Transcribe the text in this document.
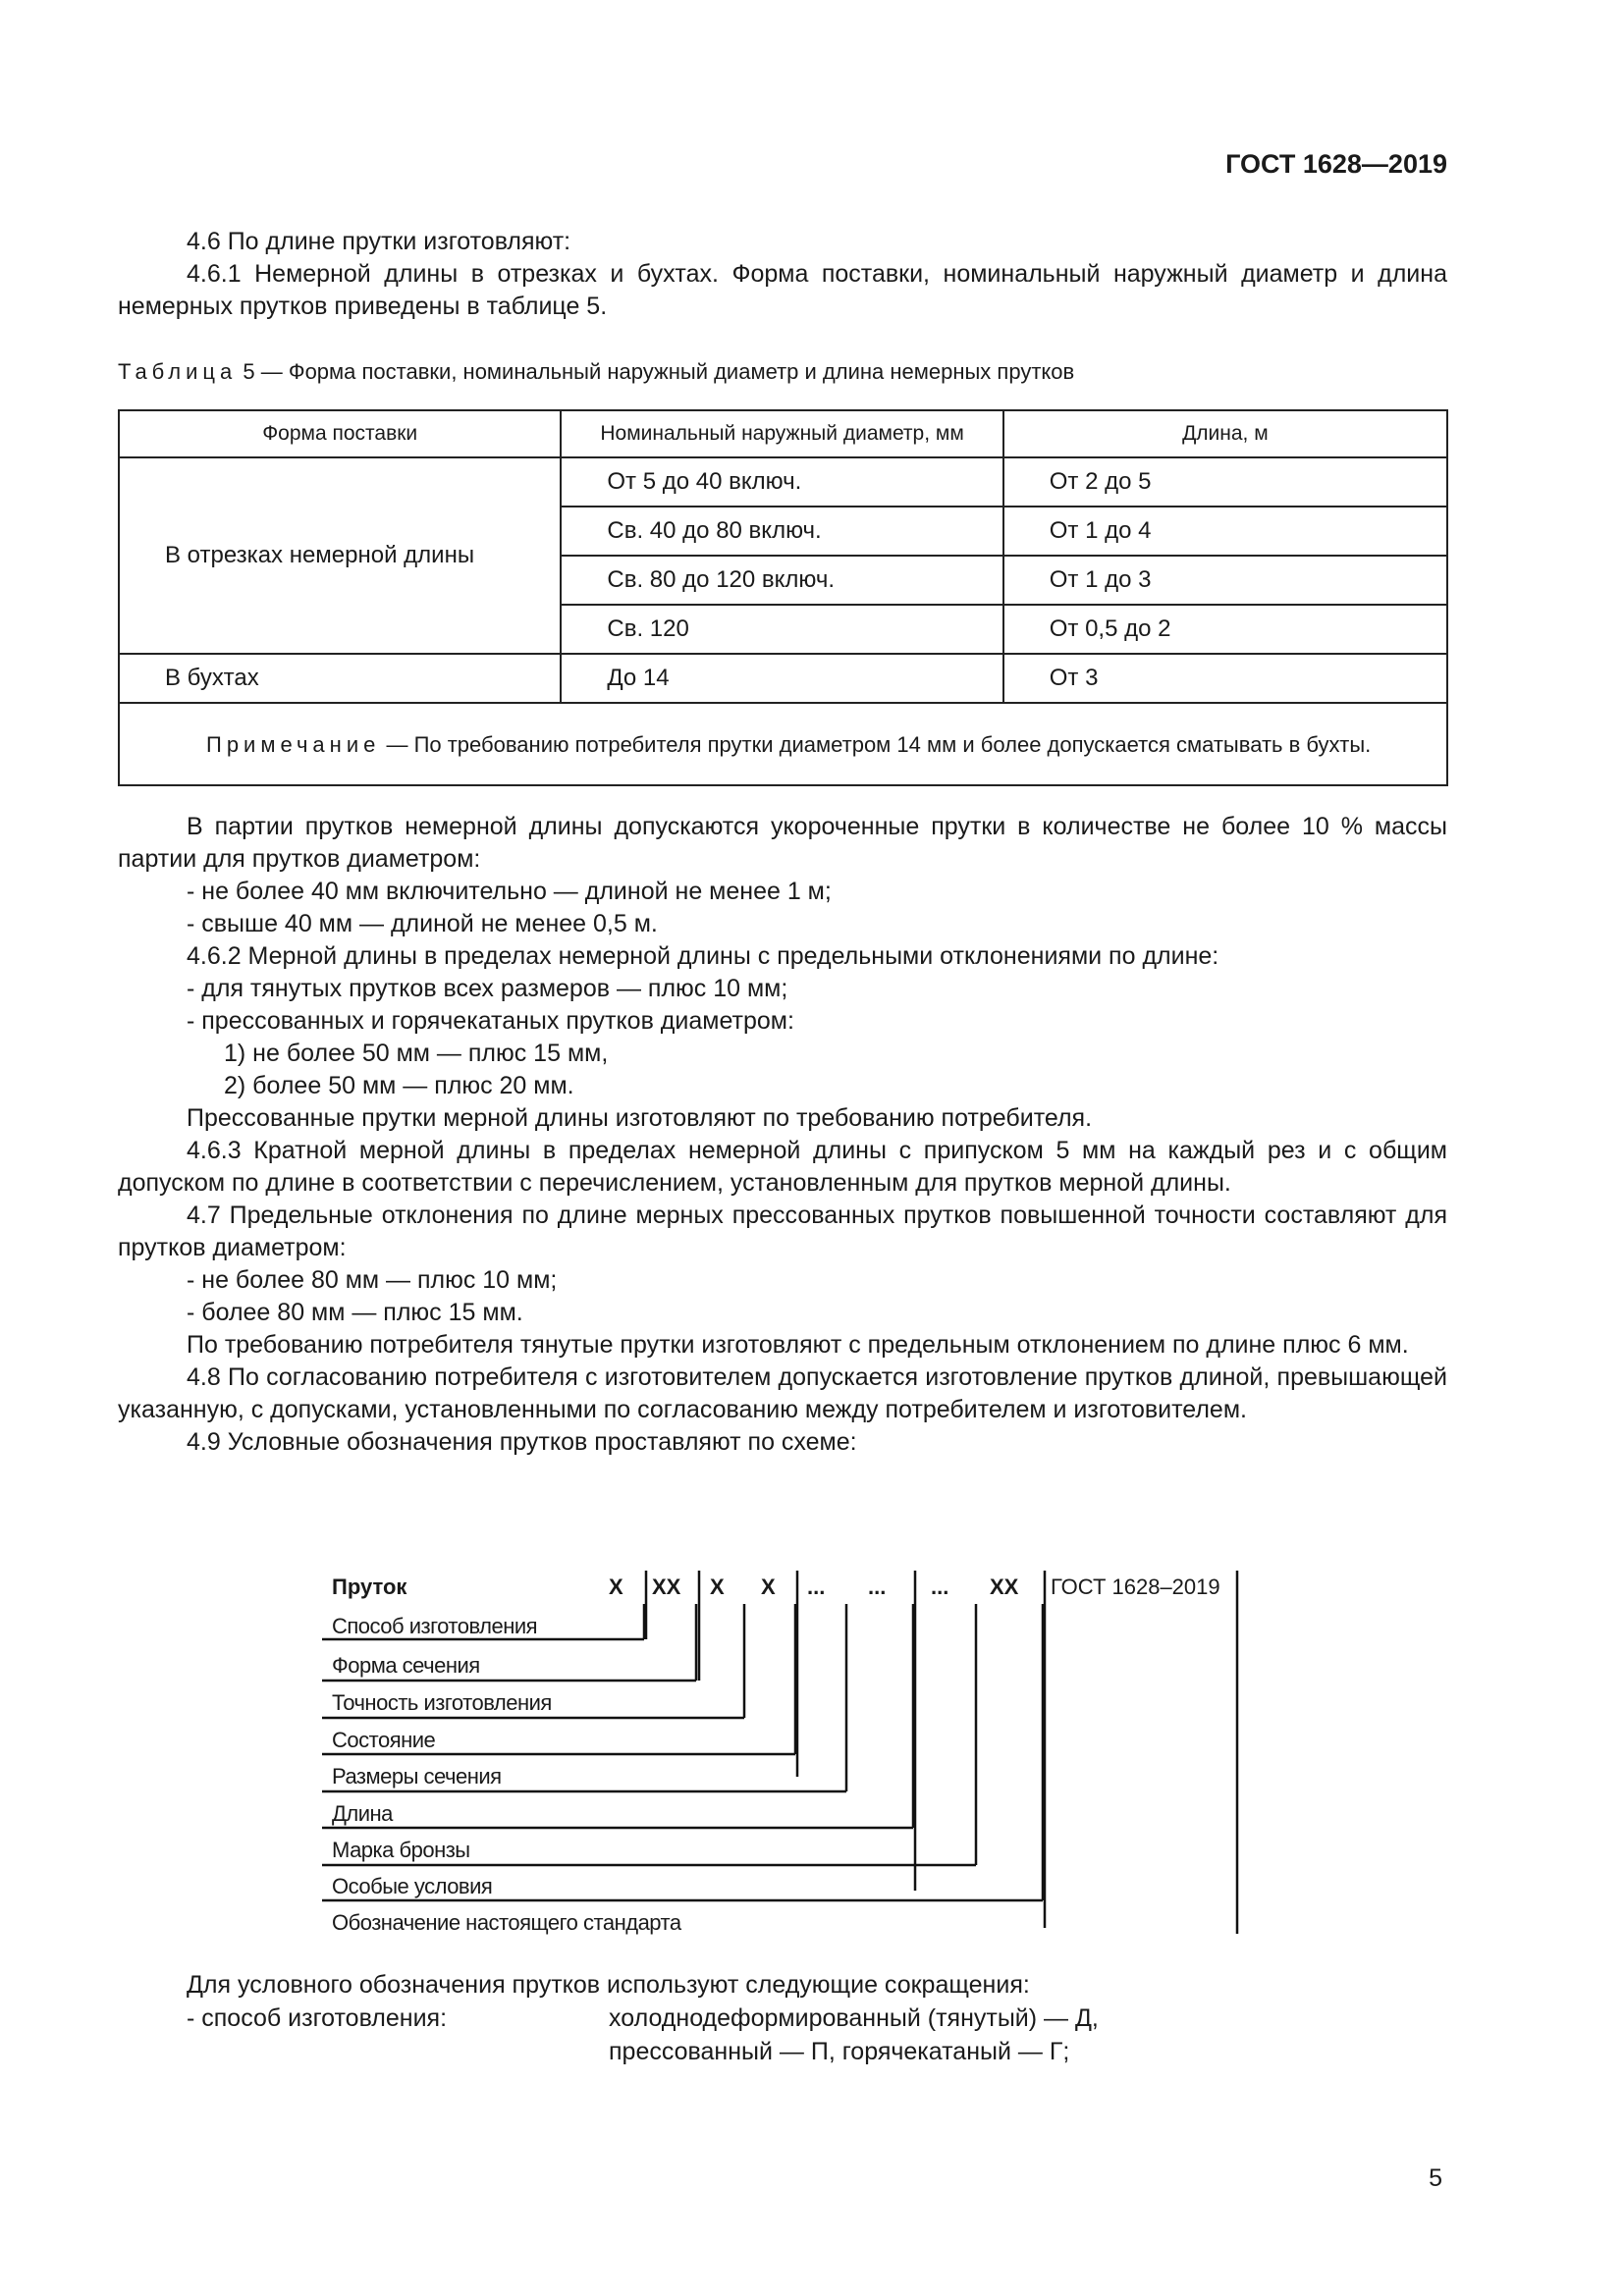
ГОСТ 1628—2019

4.6 По длине прутки изготовляют:

4.6.1 Немерной длины в отрезках и бухтах. Форма поставки, номинальный наружный диаметр и длина немерных прутков приведены в таблице 5.

Таблица 5 — Форма поставки, номинальный наружный диаметр и длина немерных прутков
Форма поставки	Номинальный наружный диаметр, мм	Длина, м
В отрезках немерной длины	От 5 до 40 включ.	От 2 до 5
	Св. 40 до 80 включ.	От 1 до 4
	Св. 80 до 120 включ.	От 1 до 3
	Св. 120	От 0,5 до 2
В бухтах	До 14	От 3
Примечание — По требованию потребителя прутки диаметром 14 мм и более допускается сматывать в бухты.		

В партии прутков немерной длины допускаются укороченные прутки в количестве не более 10 % массы партии для прутков диаметром:

- не более 40 мм включительно — длиной не менее 1 м;

- свыше 40 мм — длиной не менее 0,5 м.

4.6.2 Мерной длины в пределах немерной длины с предельными отклонениями по длине:

- для тянутых прутков всех размеров — плюс 10 мм;

- прессованных и горячекатаных прутков диаметром:

1) не более 50 мм — плюс 15 мм,

2) более 50 мм — плюс 20 мм.

Прессованные прутки мерной длины изготовляют по требованию потребителя.

4.6.3 Кратной мерной длины в пределах немерной длины с припуском 5 мм на каждый рез и с общим допуском по длине в соответствии с перечислением, установленным для прутков мерной длины.

4.7 Предельные отклонения по длине мерных прессованных прутков повышенной точности составляют для прутков диаметром:

- не более 80 мм — плюс 10 мм;

- более 80 мм — плюс 15 мм.

По требованию потребителя тянутые прутки изготовляют с предельным отклонением по длине плюс 6 мм.

4.8 По согласованию потребителя с изготовителем допускается изготовление прутков длиной, превышающей указанную, с допусками, установленными по согласованию между потребителем и изготовителем.

4.9 Условные обозначения прутков проставляют по схеме:

Пруток	X XX X X ... ... ... XX ГОСТ 1628–2019
Способ изготовления
Форма сечения
Точность изготовления
Состояние
Размеры сечения
Длина
Марка бронзы
Особые условия
Обозначение настоящего стандарта
Для условного обозначения прутков используют следующие сокращения:
- способ изготовления:	холоднодеформированный (тянутый) — Д,
прессованный — П, горячекатаный — Г;
5
